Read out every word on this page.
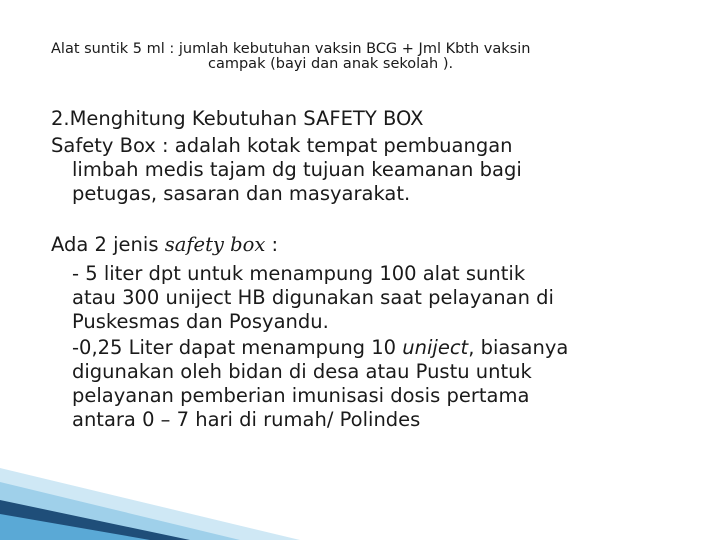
Alat suntik 5 ml : jumlah kebutuhan vaksin BCG + Jml Kbth vaksin
campak (bayi dan anak sekolah ).
2.Menghitung Kebutuhan SAFETY BOX
Safety Box : adalah kotak tempat pembuangan
limbah medis tajam dg tujuan keamanan bagi
petugas, sasaran dan masyarakat.
Ada 2 jenis safety box :
- 5 liter dpt untuk menampung 100 alat suntik
atau 300 uniject HB digunakan saat pelayanan di
Puskesmas dan Posyandu.
-0,25 Liter dapat menampung 10 uniject, biasanya
digunakan oleh bidan di desa atau Pustu untuk
pelayanan pemberian imunisasi dosis pertama
antara 0 – 7 hari di rumah/ Polindes
